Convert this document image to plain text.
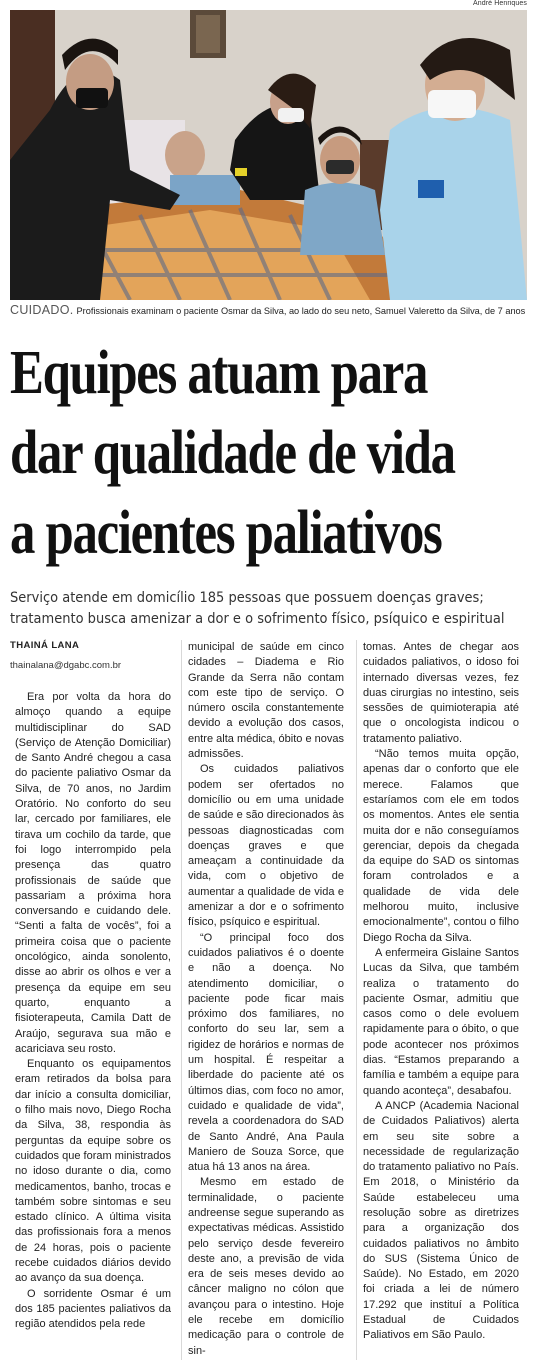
André Henriques
CUIDADO. Profissionais examinam o paciente Osmar da Silva, ao lado do seu neto, Samuel Valeretto da Silva, de 7 anos
Equipes atuam para
dar qualidade de vida
a pacientes paliativos
Serviço atende em domicílio 185 pessoas que possuem doenças graves;
tratamento busca amenizar a dor e o sofrimento físico, psíquico e espiritual
THAINÁ LANA
thainalana@dgabc.com.br

Era por volta da hora do almoço quando a equipe multidisciplinar do SAD (Serviço de Atenção Domiciliar) de Santo André chegou a casa do paciente paliativo Osmar da Silva, de 70 anos, no Jardim Oratório. No conforto do seu lar, cercado por familiares, ele tirava um cochilo da tarde, que foi logo interrompido pela presença das quatro profissionais de saúde que passariam a próxima hora conversando e cuidando dele. “Senti a falta de vocês”, foi a primeira coisa que o paciente oncológico, ainda sonolento, disse ao abrir os olhos e ver a presença da equipe em seu quarto, enquanto a fisioterapeuta, Camila Datt de Araújo, segurava sua mão e acariciava seu rosto.

Enquanto os equipamentos eram retirados da bolsa para dar início a consulta domiciliar, o filho mais novo, Diego Rocha da Silva, 38, respondia às perguntas da equipe sobre os cuidados que foram ministrados no idoso durante o dia, como medicamentos, banho, trocas e também sobre sintomas e seu estado clínico. A última visita das profissionais fora a menos de 24 horas, pois o paciente recebe cuidados diários devido ao avanço da sua doença.

O sorridente Osmar é um dos 185 pacientes paliativos da região atendidos pela rede

municipal de saúde em cinco cidades – Diadema e Rio Grande da Serra não contam com este tipo de serviço. O número oscila constantemente devido a evolução dos casos, entre alta médica, óbito e novas admissões.

Os cuidados paliativos podem ser ofertados no domicílio ou em uma unidade de saúde e são direcionados às pessoas diagnosticadas com doenças graves e que ameaçam a continuidade da vida, com o objetivo de aumentar a qualidade de vida e amenizar a dor e o sofrimento físico, psíquico e espiritual.

“O principal foco dos cuidados paliativos é o doente e não a doença. No atendimento domiciliar, o paciente pode ficar mais próximo dos familiares, no conforto do seu lar, sem a rigidez de horários e normas de um hospital. É respeitar a liberdade do paciente até os últimos dias, com foco no amor, cuidado e qualidade de vida”, revela a coordenadora do SAD de Santo André, Ana Paula Maniero de Souza Sorce, que atua há 13 anos na área.

Mesmo em estado de terminalidade, o paciente andreense segue superando as expectativas médicas. Assistido pelo serviço desde fevereiro deste ano, a previsão de vida era de seis meses devido ao câncer maligno no cólon que avançou para o intestino. Hoje ele recebe em domicílio medicação para o controle de sin-

tomas. Antes de chegar aos cuidados paliativos, o idoso foi internado diversas vezes, fez duas cirurgias no intestino, seis sessões de quimioterapia até que o oncologista indicou o tratamento paliativo.

“Não temos muita opção, apenas dar o conforto que ele merece. Falamos que estaríamos com ele em todos os momentos. Antes ele sentia muita dor e não conseguíamos gerenciar, depois da chegada da equipe do SAD os sintomas foram controlados e a qualidade de vida dele melhorou muito, inclusive emocionalmente”, contou o filho Diego Rocha da Silva.

A enfermeira Gislaine Santos Lucas da Silva, que também realiza o tratamento do paciente Osmar, admitiu que casos como o dele evoluem rapidamente para o óbito, o que pode acontecer nos próximos dias. “Estamos preparando a família e também a equipe para quando aconteça”, desabafou.

A ANCP (Academia Nacional de Cuidados Paliativos) alerta em seu site sobre a necessidade de regularização do tratamento paliativo no País. Em 2018, o Ministério da Saúde estabeleceu uma resolução sobre as diretrizes para a organização dos cuidados paliativos no âmbito do SUS (Sistema Único de Saúde). No Estado, em 2020 foi criada a lei de número 17.292 que instituí a Política Estadual de Cuidados Paliativos em São Paulo.
